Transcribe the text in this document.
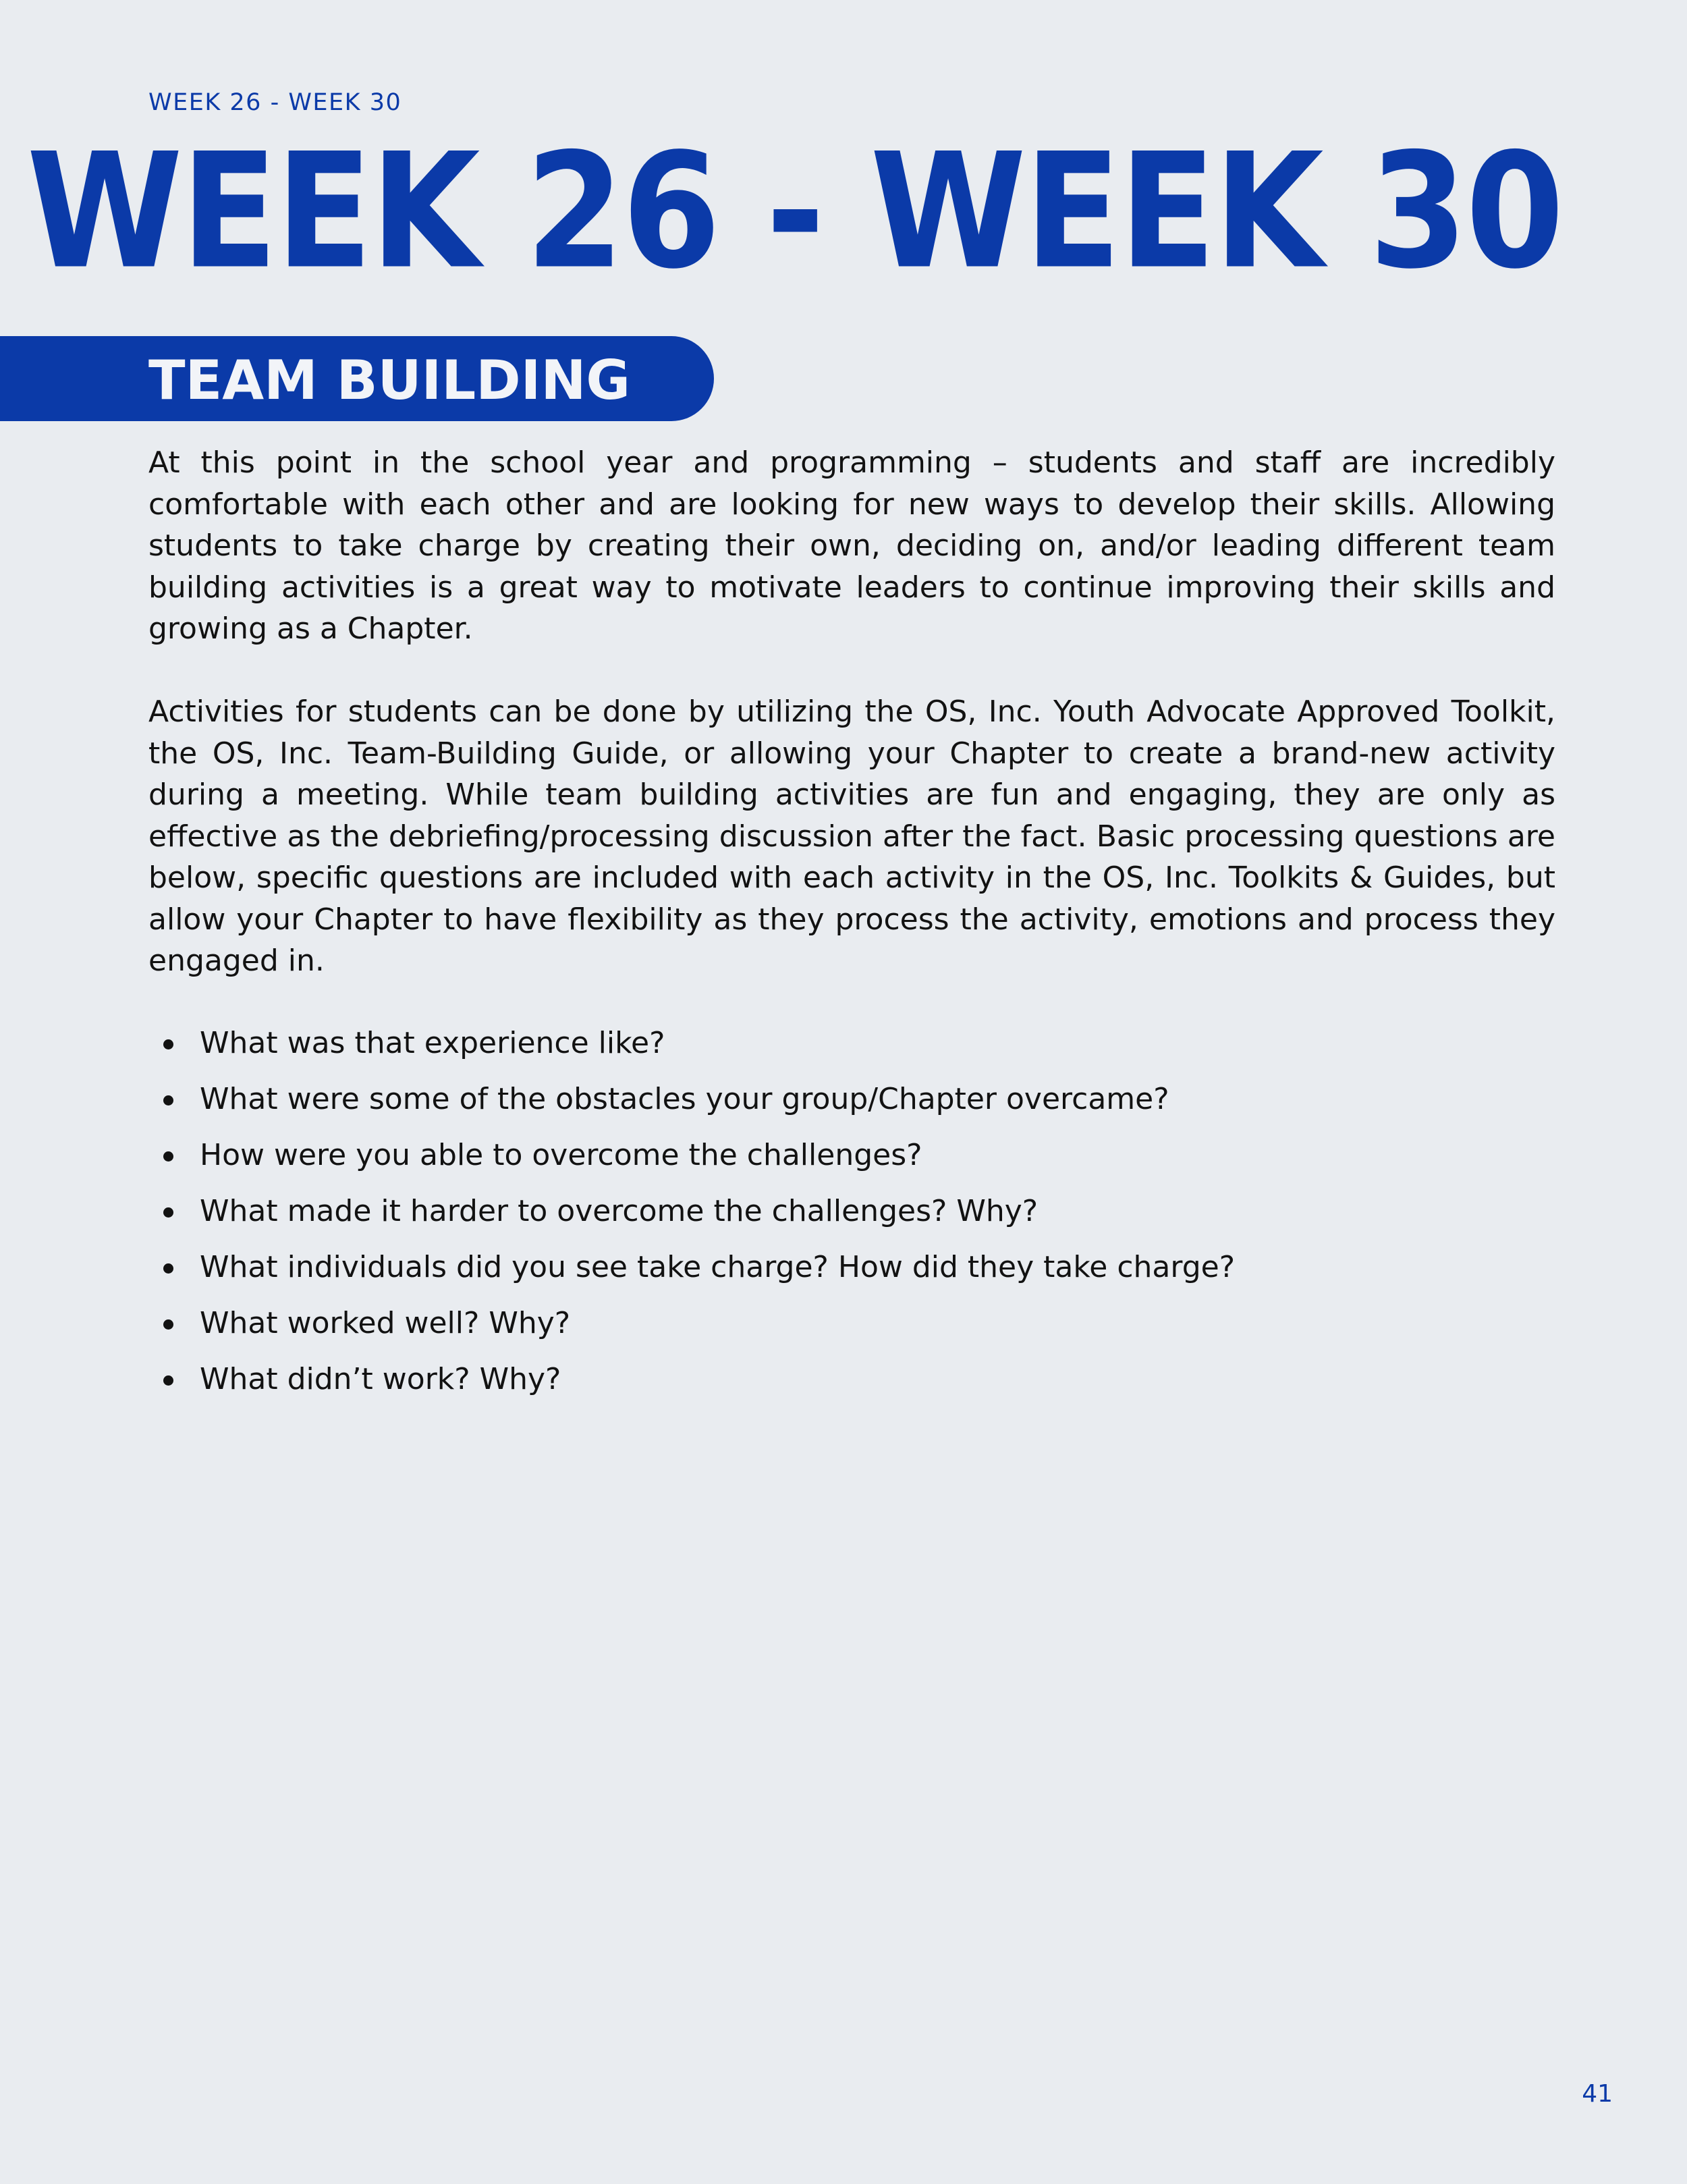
WEEK 26 - WEEK 30
WEEK 26 - WEEK 30
TEAM BUILDING

At this point in the school year and programming – students and staff are incredibly comfortable with each other and are looking for new ways to develop their skills. Allowing students to take charge by creating their own, deciding on, and/or leading different team building activities is a great way to motivate leaders to continue improving their skills and growing as a Chapter.

Activities for students can be done by utilizing the OS, Inc. Youth Advocate Approved Toolkit, the OS, Inc. Team-Building Guide, or allowing your Chapter to create a brand-new activity during a meeting. While team building activities are fun and engaging, they are only as effective as the debriefing/processing discussion after the fact. Basic processing questions are below, specific questions are included with each activity in the OS, Inc. Toolkits & Guides, but allow your Chapter to have flexibility as they process the activity, emotions and process they engaged in.

What was that experience like?
What were some of the obstacles your group/Chapter overcame?
How were you able to overcome the challenges?
What made it harder to overcome the challenges? Why?
What individuals did you see take charge? How did they take charge?
What worked well? Why?
What didn’t work? Why?
41
